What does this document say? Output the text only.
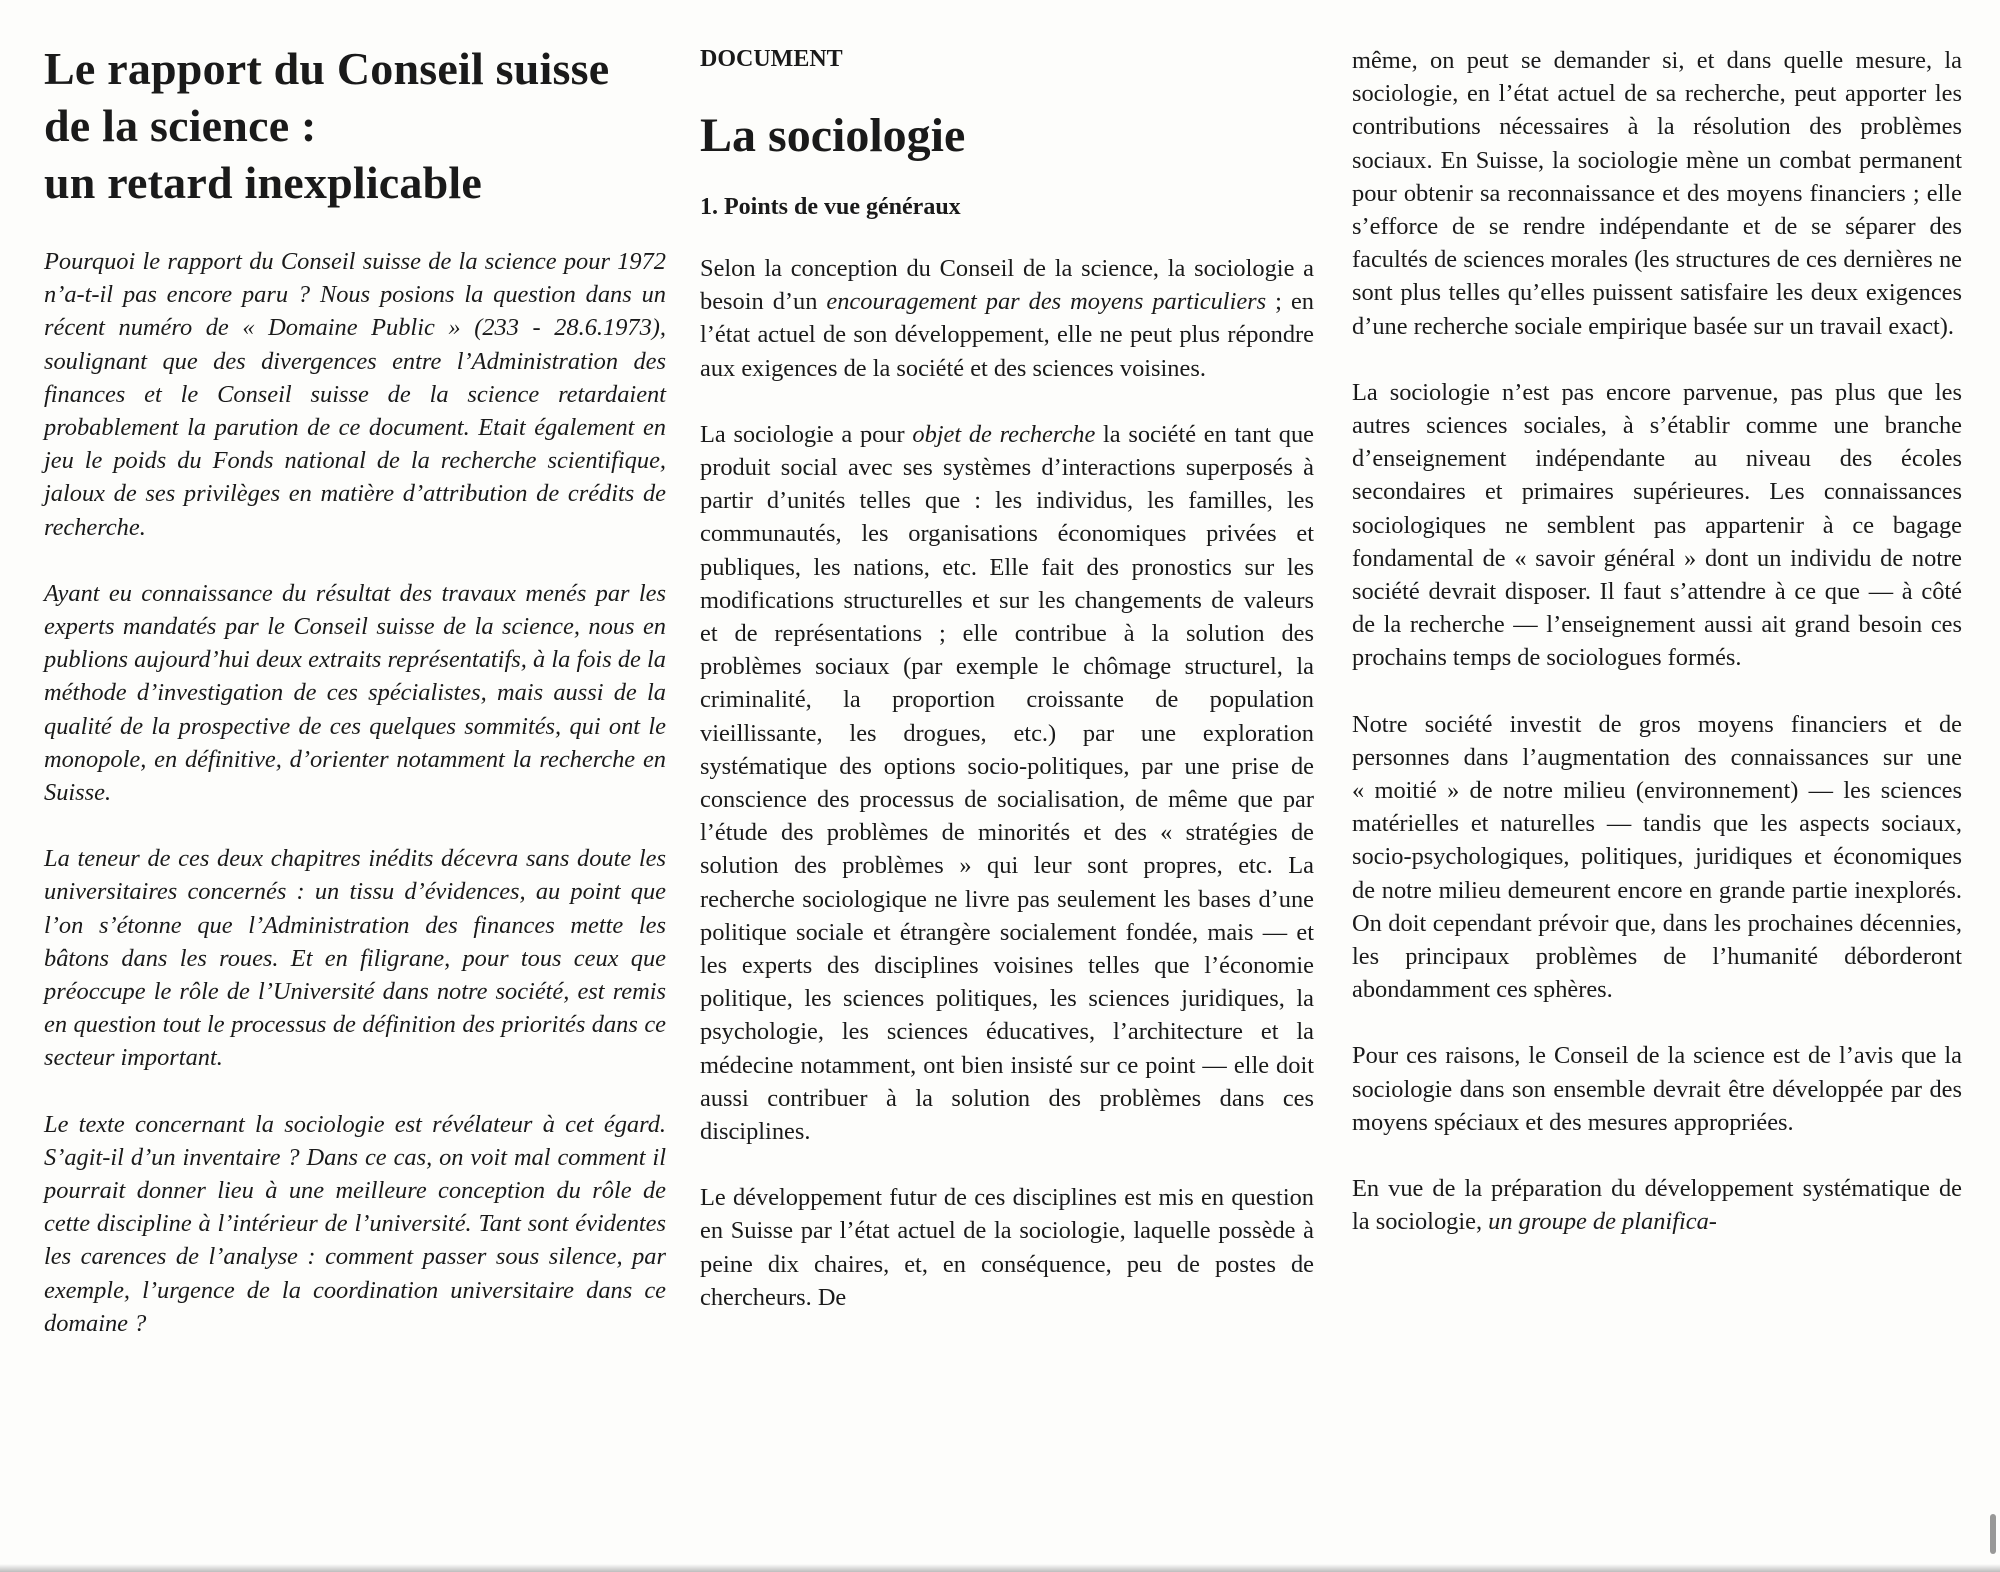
Le rapport du Conseil suisse
de la science :
un retard inexplicable

Pourquoi le rapport du Conseil suisse de la science pour 1972 n’a-t-il pas encore paru ? Nous posions la question dans un récent numéro de « Domaine Public » (233 - 28.6.1973), soulignant que des divergences entre l’Administration des finances et le Conseil suisse de la science retardaient probablement la parution de ce document. Etait également en jeu le poids du Fonds national de la recherche scientifique, jaloux de ses privilèges en matière d’attribution de crédits de recherche.

Ayant eu connaissance du résultat des travaux menés par les experts mandatés par le Conseil suisse de la science, nous en publions aujourd’hui deux extraits représentatifs, à la fois de la méthode d’investigation de ces spécialistes, mais aussi de la qualité de la prospective de ces quelques sommités, qui ont le monopole, en définitive, d’orienter notamment la recherche en Suisse.

La teneur de ces deux chapitres inédits décevra sans doute les universitaires concernés : un tissu d’évidences, au point que l’on s’étonne que l’Administration des finances mette les bâtons dans les roues. Et en filigrane, pour tous ceux que préoccupe le rôle de l’Université dans notre société, est remis en question tout le processus de définition des priorités dans ce secteur important.

Le texte concernant la sociologie est révélateur à cet égard. S’agit-il d’un inventaire ? Dans ce cas, on voit mal comment il pourrait donner lieu à une meilleure conception du rôle de cette discipline à l’intérieur de l’université. Tant sont évidentes les carences de l’analyse : comment passer sous silence, par exemple, l’urgence de la coordination universitaire dans ce domaine ?

DOCUMENT
La sociologie
1. Points de vue généraux

Selon la conception du Conseil de la science, la sociologie a besoin d’un encouragement par des moyens particuliers ; en l’état actuel de son développement, elle ne peut plus répondre aux exigences de la société et des sciences voisines.

La sociologie a pour objet de recherche la société en tant que produit social avec ses systèmes d’interactions superposés à partir d’unités telles que : les individus, les familles, les communautés, les organisations économiques privées et publiques, les nations, etc. Elle fait des pronostics sur les modifications structurelles et sur les changements de valeurs et de représentations ; elle contribue à la solution des problèmes sociaux (par exemple le chômage structurel, la criminalité, la proportion croissante de population vieillissante, les drogues, etc.) par une exploration systématique des options socio-politiques, par une prise de conscience des processus de socialisation, de même que par l’étude des problèmes de minorités et des « stratégies de solution des problèmes » qui leur sont propres, etc. La recherche sociologique ne livre pas seulement les bases d’une politique sociale et étrangère socialement fondée, mais — et les experts des disciplines voisines telles que l’économie politique, les sciences politiques, les sciences juridiques, la psychologie, les sciences éducatives, l’architecture et la médecine notamment, ont bien insisté sur ce point — elle doit aussi contribuer à la solution des problèmes dans ces disciplines.

Le développement futur de ces disciplines est mis en question en Suisse par l’état actuel de la sociologie, laquelle possède à peine dix chaires, et, en conséquence, peu de postes de chercheurs. De

même, on peut se demander si, et dans quelle mesure, la sociologie, en l’état actuel de sa recherche, peut apporter les contributions nécessaires à la résolution des problèmes sociaux. En Suisse, la sociologie mène un combat permanent pour obtenir sa reconnaissance et des moyens financiers ; elle s’efforce de se rendre indépendante et de se séparer des facultés de sciences morales (les structures de ces dernières ne sont plus telles qu’elles puissent satisfaire les deux exigences d’une recherche sociale empirique basée sur un travail exact).

La sociologie n’est pas encore parvenue, pas plus que les autres sciences sociales, à s’établir comme une branche d’enseignement indépendante au niveau des écoles secondaires et primaires supérieures. Les connaissances sociologiques ne semblent pas appartenir à ce bagage fondamental de « savoir général » dont un individu de notre société devrait disposer. Il faut s’attendre à ce que — à côté de la recherche — l’enseignement aussi ait grand besoin ces prochains temps de sociologues formés.

Notre société investit de gros moyens financiers et de personnes dans l’augmentation des connaissances sur une « moitié » de notre milieu (environnement) — les sciences matérielles et naturelles — tandis que les aspects sociaux, socio-psychologiques, politiques, juridiques et économiques de notre milieu demeurent encore en grande partie inexplorés. On doit cependant prévoir que, dans les prochaines décennies, les principaux problèmes de l’humanité déborderont abondamment ces sphères.

Pour ces raisons, le Conseil de la science est de l’avis que la sociologie dans son ensemble devrait être développée par des moyens spéciaux et des mesures appropriées.

En vue de la préparation du développement systématique de la sociologie, un groupe de planifica-
